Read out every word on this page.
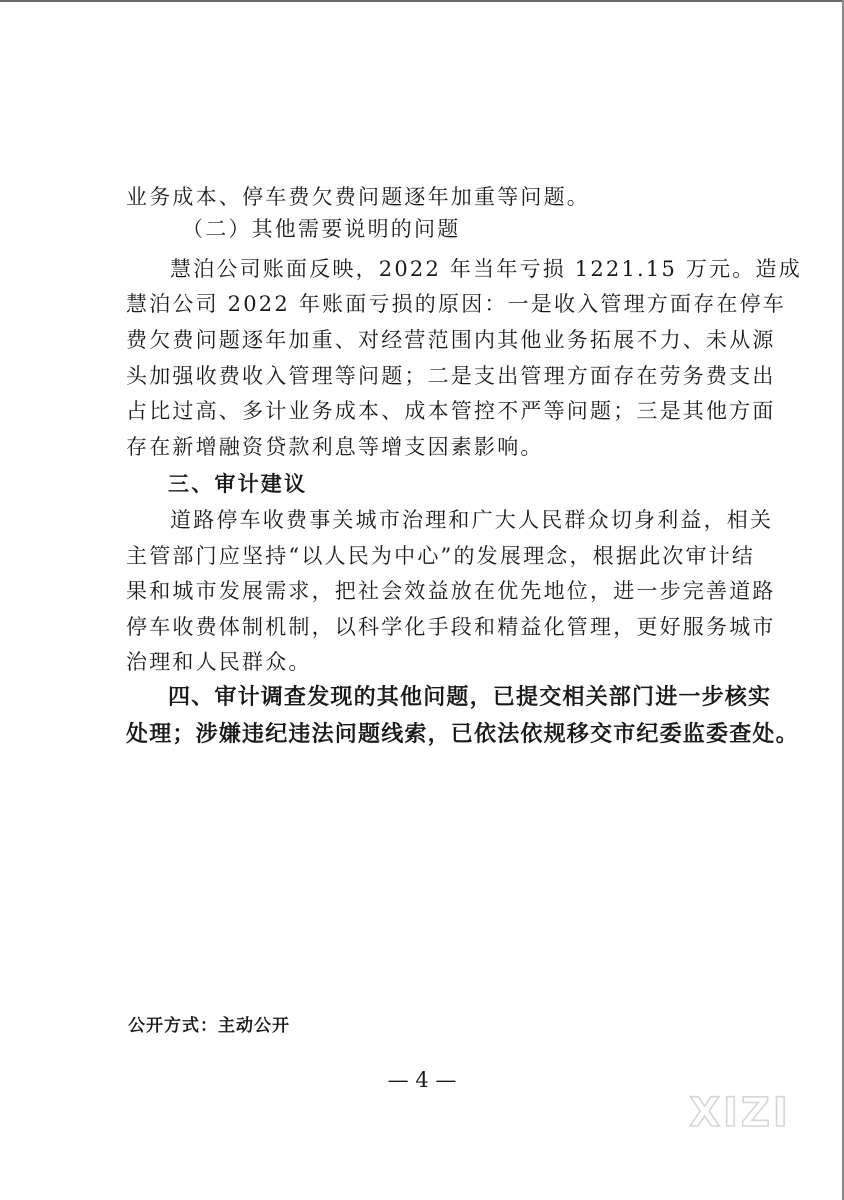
业务成本、停车费欠费问题逐年加重等问题。
（二）其他需要说明的问题
慧泊公司账面反映，2022 年当年亏损 1221.15 万元。造成
慧泊公司 2022 年账面亏损的原因：一是收入管理方面存在停车
费欠费问题逐年加重、对经营范围内其他业务拓展不力、未从源
头加强收费收入管理等问题；二是支出管理方面存在劳务费支出
占比过高、多计业务成本、成本管控不严等问题；三是其他方面
存在新增融资贷款利息等增支因素影响。
三、审计建议
道路停车收费事关城市治理和广大人民群众切身利益，相关
主管部门应坚持“以人民为中心”的发展理念，根据此次审计结
果和城市发展需求，把社会效益放在优先地位，进一步完善道路
停车收费体制机制，以科学化手段和精益化管理，更好服务城市
治理和人民群众。
四、审计调查发现的其他问题，已提交相关部门进一步核实
处理；涉嫌违纪违法问题线索，已依法依规移交市纪委监委查处。
公开方式：主动公开
— 4 —
XIZI
